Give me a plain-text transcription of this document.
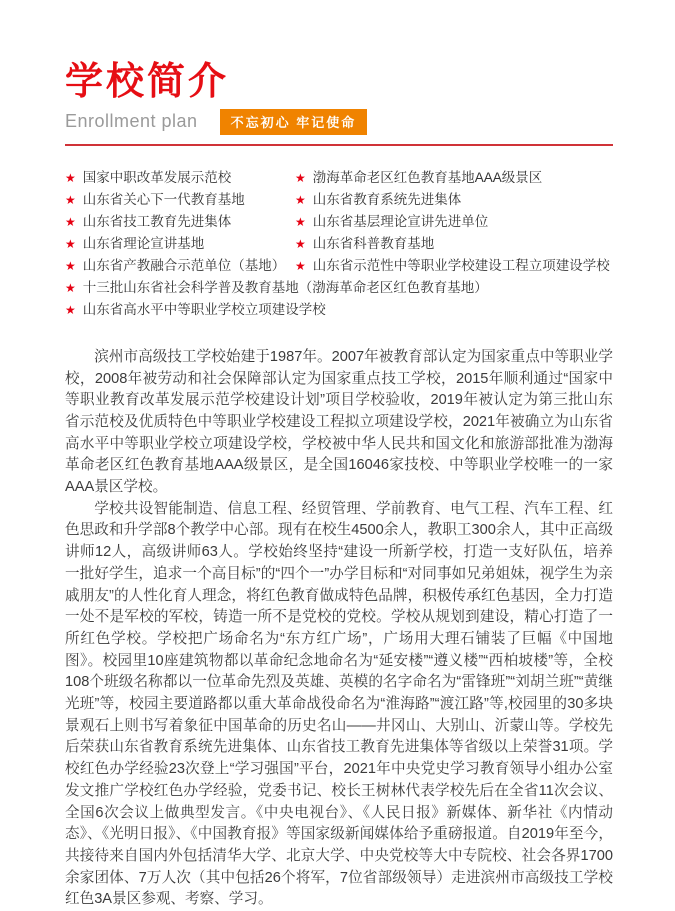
学校简介
Enrollment plan	不忘初心 牢记使命
★ 国家中职改革发展示范校	★ 渤海革命老区红色教育基地AAA级景区
★ 山东省关心下一代教育基地	★ 山东省教育系统先进集体
★ 山东省技工教育先进集体	★ 山东省基层理论宣讲先进单位
★ 山东省理论宣讲基地	★ 山东省科普教育基地
★ 山东省产教融合示范单位（基地） ★ 山东省示范性中等职业学校建设工程立项建设学校
★ 十三批山东省社会科学普及教育基地（渤海革命老区红色教育基地）
★ 山东省高水平中等职业学校立项建设学校

滨州市高级技工学校始建于1987年。2007年被教育部认定为国家重点中等职业学校，2008年被劳动和社会保障部认定为国家重点技工学校，2015年顺利通过“国家中等职业教育改革发展示范学校建设计划”项目学校验收，2019年被认定为第三批山东省示范校及优质特色中等职业学校建设工程拟立项建设学校，2021年被确立为山东省高水平中等职业学校立项建设学校，学校被中华人民共和国文化和旅游部批准为渤海革命老区红色教育基地AAA级景区，是全国16046家技校、中等职业学校唯一的一家AAA景区学校。

学校共设智能制造、信息工程、经贸管理、学前教育、电气工程、汽车工程、红色思政和升学部8个教学中心部。现有在校生4500余人，教职工300余人，其中正高级讲师12人，高级讲师63人。学校始终坚持“建设一所新学校，打造一支好队伍，培养一批好学生，追求一个高目标”的“四个一”办学目标和“对同事如兄弟姐妹，视学生为亲戚朋友”的人性化育人理念，将红色教育做成特色品牌，积极传承红色基因，全力打造一处不是军校的军校，铸造一所不是党校的党校。学校从规划到建设，精心打造了一所红色学校。学校把广场命名为“东方红广场”，广场用大理石铺装了巨幅《中国地图》。校园里10座建筑物都以革命纪念地命名为“延安楼”“遵义楼”“西柏坡楼”等，全校108个班级名称都以一位革命先烈及英雄、英模的名字命名为“雷锋班”“刘胡兰班”“黄继光班”等，校园主要道路都以重大革命战役命名为“淮海路”“渡江路”等,校园里的30多块景观石上则书写着象征中国革命的历史名山——井冈山、大别山、沂蒙山等。学校先后荣获山东省教育系统先进集体、山东省技工教育先进集体等省级以上荣誉31项。学校红色办学经验23次登上“学习强国”平台，2021年中央党史学习教育领导小组办公室发文推广学校红色办学经验，党委书记、校长王树林代表学校先后在全省11次会议、全国6次会议上做典型发言。《中央电视台》、《人民日报》新媒体、新华社《内情动态》、《光明日报》、《中国教育报》等国家级新闻媒体给予重磅报道。自2019年至今，共接待来自国内外包括清华大学、北京大学、中央党校等大中专院校、社会各界1700余家团体、7万人次（其中包括26个将军，7位省部级领导）走进滨州市高级技工学校红色3A景区参观、考察、学习。
